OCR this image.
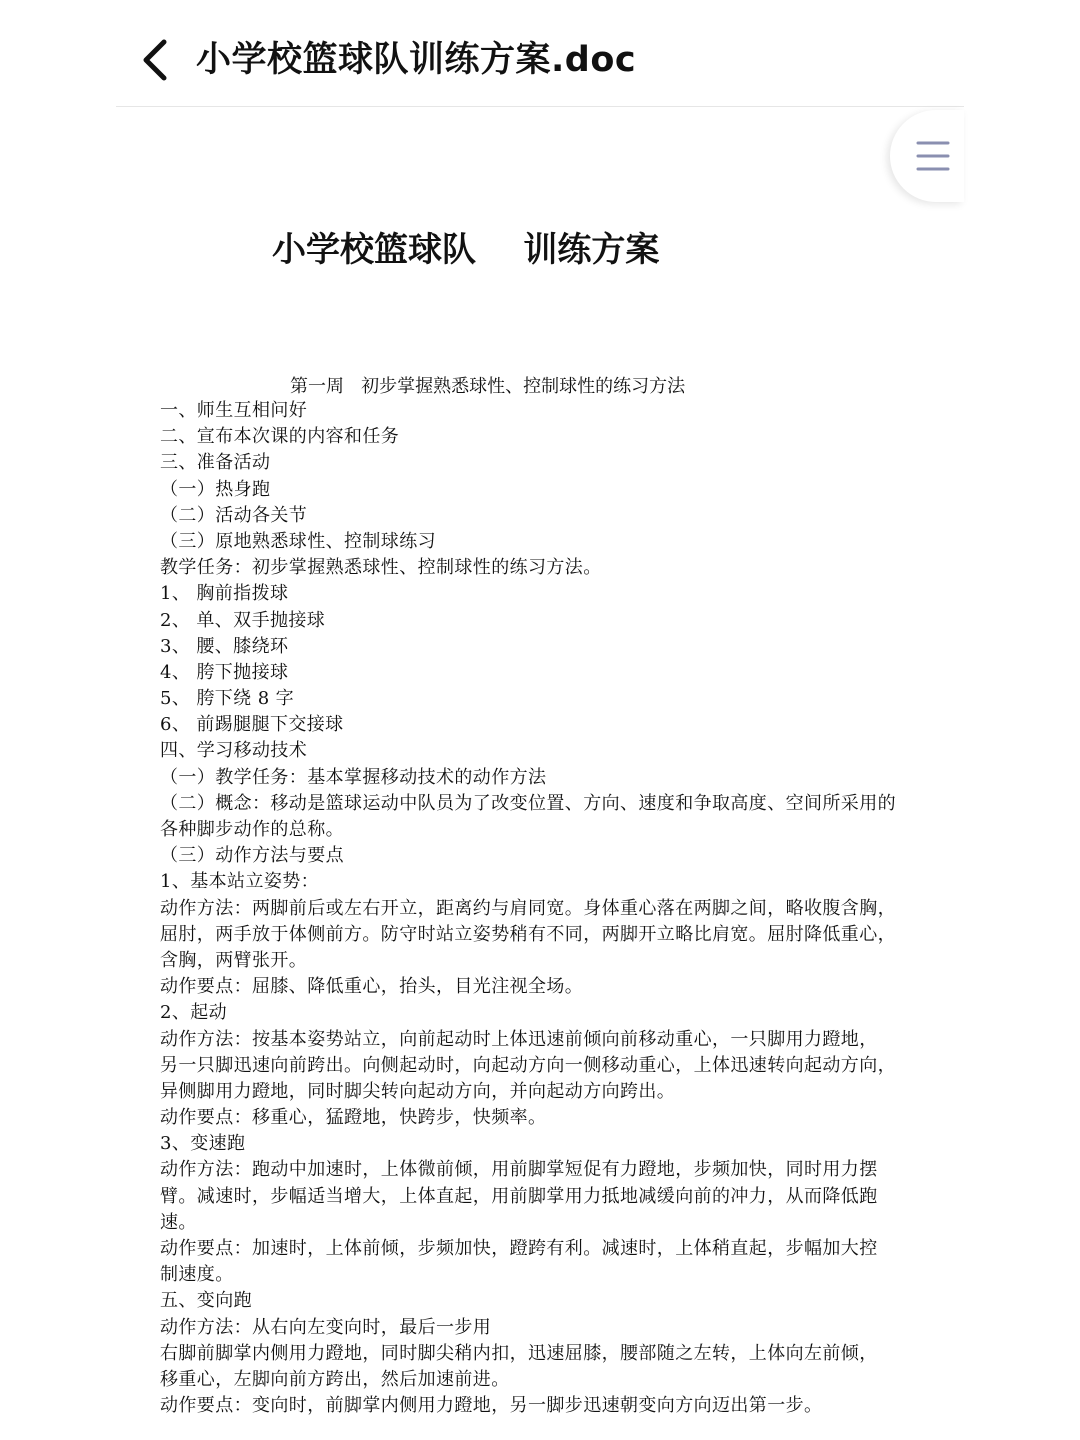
小学校篮球队训练方案.doc
小学校篮球队    训练方案
第一周   初步掌握熟悉球性、控制球性的练习方法
一、师生互相问好
二、宣布本次课的内容和任务
三、准备活动
（一）热身跑
（二）活动各关节
（三）原地熟悉球性、控制球练习
教学任务：初步掌握熟悉球性、控制球性的练习方法。
1、 胸前指拨球
2、 单、双手抛接球
3、 腰、膝绕环
4、 胯下抛接球
5、 胯下绕 8 字
6、 前踢腿腿下交接球
四、学习移动技术
（一）教学任务：基本掌握移动技术的动作方法
（二）概念：移动是篮球运动中队员为了改变位置、方向、速度和争取高度、空间所采用的
各种脚步动作的总称。
（三）动作方法与要点
1、基本站立姿势：
动作方法：两脚前后或左右开立，距离约与肩同宽。身体重心落在两脚之间，略收腹含胸，
屈肘，两手放于体侧前方。防守时站立姿势稍有不同，两脚开立略比肩宽。屈肘降低重心，
含胸，两臂张开。
动作要点：屈膝、降低重心，抬头，目光注视全场。
2、起动
动作方法：按基本姿势站立，向前起动时上体迅速前倾向前移动重心，一只脚用力蹬地，
另一只脚迅速向前跨出。向侧起动时，向起动方向一侧移动重心，上体迅速转向起动方向，
异侧脚用力蹬地，同时脚尖转向起动方向，并向起动方向跨出。
动作要点：移重心，猛蹬地，快跨步，快频率。
3、变速跑
动作方法：跑动中加速时，上体微前倾，用前脚掌短促有力蹬地，步频加快，同时用力摆
臂。减速时，步幅适当增大，上体直起，用前脚掌用力抵地减缓向前的冲力，从而降低跑
速。
动作要点：加速时，上体前倾，步频加快，蹬跨有利。减速时，上体稍直起，步幅加大控
制速度。
五、变向跑
动作方法：从右向左变向时，最后一步用
右脚前脚掌内侧用力蹬地，同时脚尖稍内扣，迅速屈膝，腰部随之左转，上体向左前倾，
移重心，左脚向前方跨出，然后加速前进。
动作要点：变向时，前脚掌内侧用力蹬地，另一脚步迅速朝变向方向迈出第一步。
